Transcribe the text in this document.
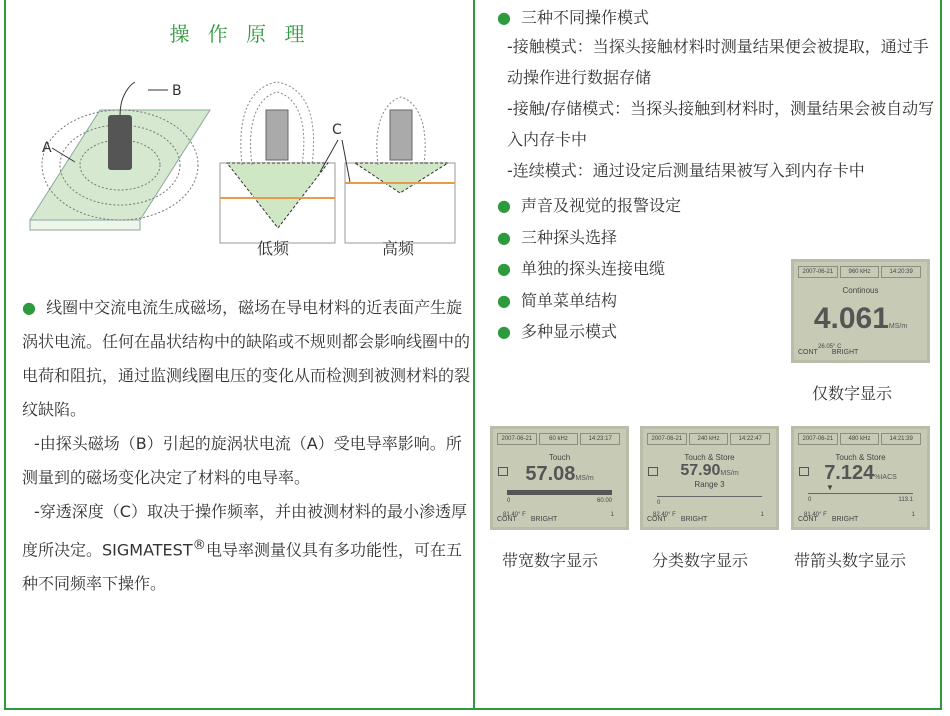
操 作 原 理
B
A
C
低频	高频
● 线圈中交流电流生成磁场，磁场在导电材料的近表面产生旋涡状电流。任何在晶状结构中的缺陷或不规则都会影响线圈中的电荷和阻抗，通过监测线圈电压的变化从而检测到被测材料的裂纹缺陷。
-由探头磁场（B）引起的旋涡状电流（A）受电导率影响。所测量到的磁场变化决定了材料的电导率。
-穿透深度（C）取决于操作频率，并由被测材料的最小渗透厚度所决定。SIGMATEST®电导率测量仪具有多功能性，可在五种不同频率下操作。
● 三种不同操作模式
-接触模式：当探头接触材料时测量结果便会被提取，通过手动操作进行数据存储
-接触/存储模式：当探头接触到材料时，测量结果会被自动写入内存卡中
-连续模式：通过设定后测量结果被写入到内存卡中
● 声音及视觉的报警设定
● 三种探头选择
● 单独的探头连接电缆
● 简单菜单结构
● 多种显示模式
2007-06-21	960 kHz	14:20:39
Continous
4.061MS/m
26.05° C
CONT BRIGHT
仅数字显示
2007-06-21	60 kHz	14:23:17
Touch
57.08MS/m
0	60.00
81.40° F	1
CONT BRIGHT
带宽数字显示
2007-06-21	240 kHz	14:22:47
Touch & Store
57.90MS/m
Range 3
0
82.40° F	1
CONT BRIGHT
分类数字显示
2007-06-21	480 kHz	14:21:39
Touch & Store
7.124%IACS
▼
0	113.1
81.40° F	1
CONT BRIGHT
带箭头数字显示
